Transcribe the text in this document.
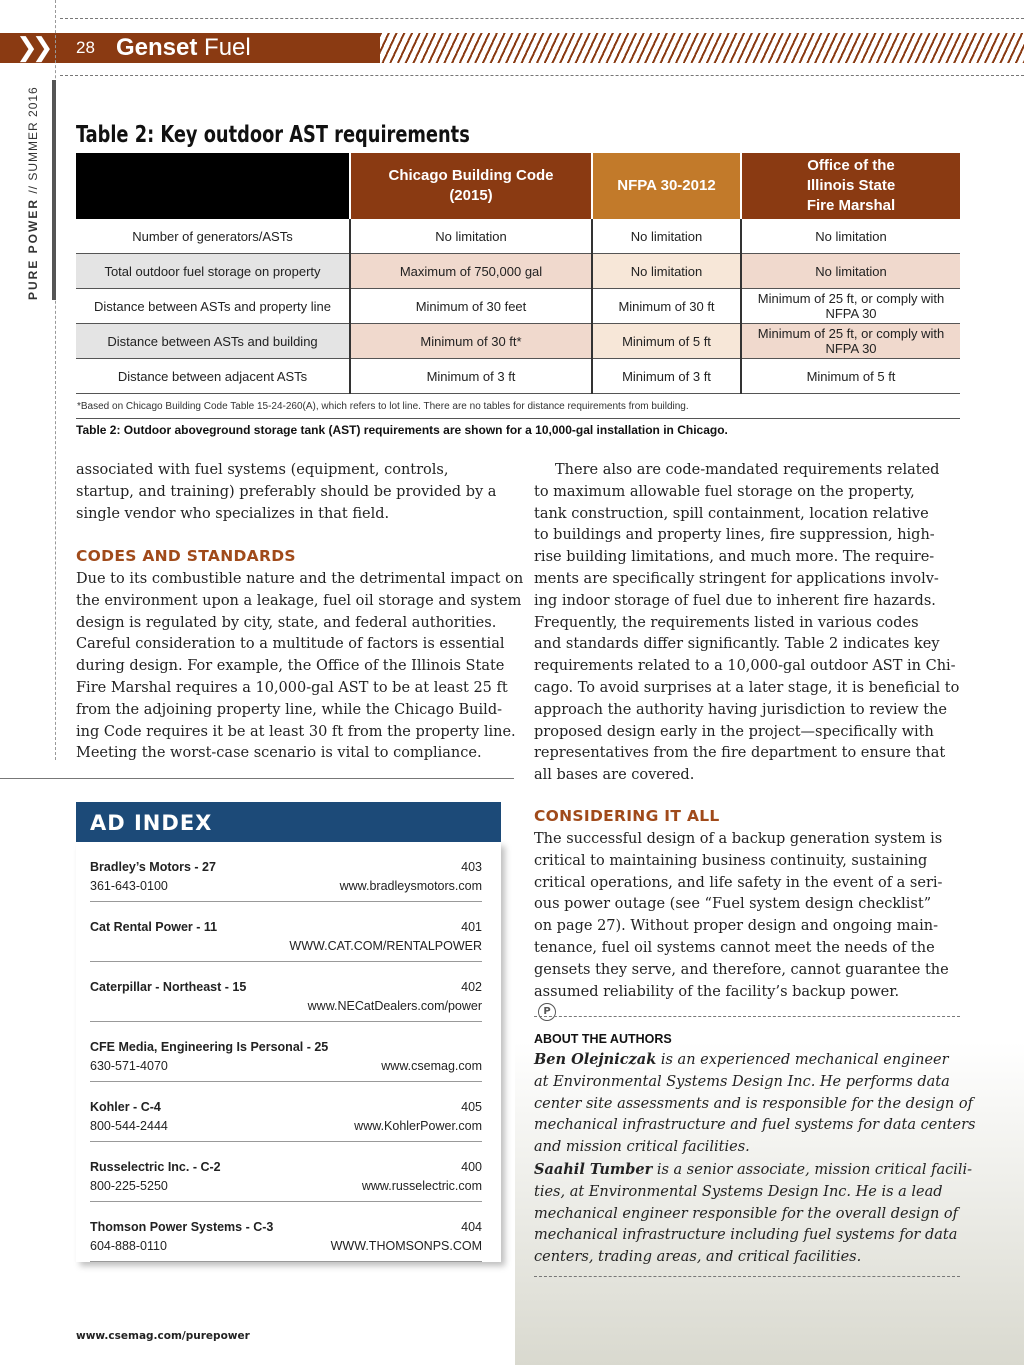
❯❯ 28 Genset Fuel
PURE POWER // SUMMER 2016 Table 2: Key outdoor AST requirements
	Chicago Building Code (2015)	NFPA 30-2012	Office of the Illinois State Fire Marshal
Number of generators/ASTs	No limitation	No limitation	No limitation
Total outdoor fuel storage on property	Maximum of 750,000 gal	No limitation	No limitation
Distance between ASTs and property line	Minimum of 30 feet	Minimum of 30 ft	Minimum of 25 ft, or comply with NFPA 30
Distance between ASTs and building	Minimum of 30 ft*	Minimum of 5 ft	Minimum of 25 ft, or comply with NFPA 30
Distance between adjacent ASTs	Minimum of 3 ft	Minimum of 3 ft	Minimum of 5 ft
*Based on Chicago Building Code Table 15-24-260(A), which refers to lot line. There are no tables for distance requirements from building.			
Table 2: Outdoor aboveground storage tank (AST) requirements are shown for a 10,000-gal installation in Chicago.
associated with fuel systems (equipment, controls,
startup, and training) preferably should be provided by a
single vendor who specializes in that field.
CODES AND STANDARDS
Due to its combustible nature and the detrimental impact on
the environment upon a leakage, fuel oil storage and system
design is regulated by city, state, and federal authorities.
Careful consideration to a multitude of factors is essential
during design. For example, the Office of the Illinois State
Fire Marshal requires a 10,000-gal AST to be at least 25 ft
from the adjoining property line, while the Chicago Build-
ing Code requires it be at least 30 ft from the property line.
Meeting the worst-case scenario is vital to compliance.
There also are code-mandated requirements related
to maximum allowable fuel storage on the property,
tank construction, spill containment, location relative
to buildings and property lines, fire suppression, high-
rise building limitations, and much more. The require-
ments are specifically stringent for applications involv-
ing indoor storage of fuel due to inherent fire hazards.
Frequently, the requirements listed in various codes
and standards differ significantly. Table 2 indicates key
requirements related to a 10,000-gal outdoor AST in Chi-
cago. To avoid surprises at a later stage, it is beneficial to
approach the authority having jurisdiction to review the
proposed design early in the project—specifically with
representatives from the fire department to ensure that
all bases are covered.
CONSIDERING IT ALL
The successful design of a backup generation system is
critical to maintaining business continuity, sustaining
critical operations, and life safety in the event of a seri-
ous power outage (see “Fuel system design checklist”
on page 27). Without proper design and ongoing main-
tenance, fuel oil systems cannot meet the needs of the
gensets they serve, and therefore, cannot guarantee the
assumed reliability of the facility’s backup power.
P
ABOUT THE AUTHORS
Ben Olejniczak is an experienced mechanical engineer
at Environmental Systems Design Inc. He performs data
center site assessments and is responsible for the design of
mechanical infrastructure and fuel systems for data centers
and mission critical facilities.
Saahil Tumber is a senior associate, mission critical facili-
ties, at Environmental Systems Design Inc. He is a lead
mechanical engineer responsible for the overall design of
mechanical infrastructure including fuel systems for data
centers, trading areas, and critical facilities.
Bradley’s Motors - 27	403
361-643-0100	www.bradleysmotors.com
Cat Rental Power - 11	401
WWW.CAT.COM/RENTALPOWER
Caterpillar - Northeast - 15	402
www.NECatDealers.com/power
CFE Media, Engineering Is Personal - 25
630-571-4070	www.csemag.com
Kohler - C-4	405
800-544-2444	www.KohlerPower.com
Russelectric Inc. - C-2	400
800-225-5250	www.russelectric.com
Thomson Power Systems - C-3	404
604-888-0110	WWW.THOMSONPS.COM
AD INDEX
www.csemag.com/purepower
